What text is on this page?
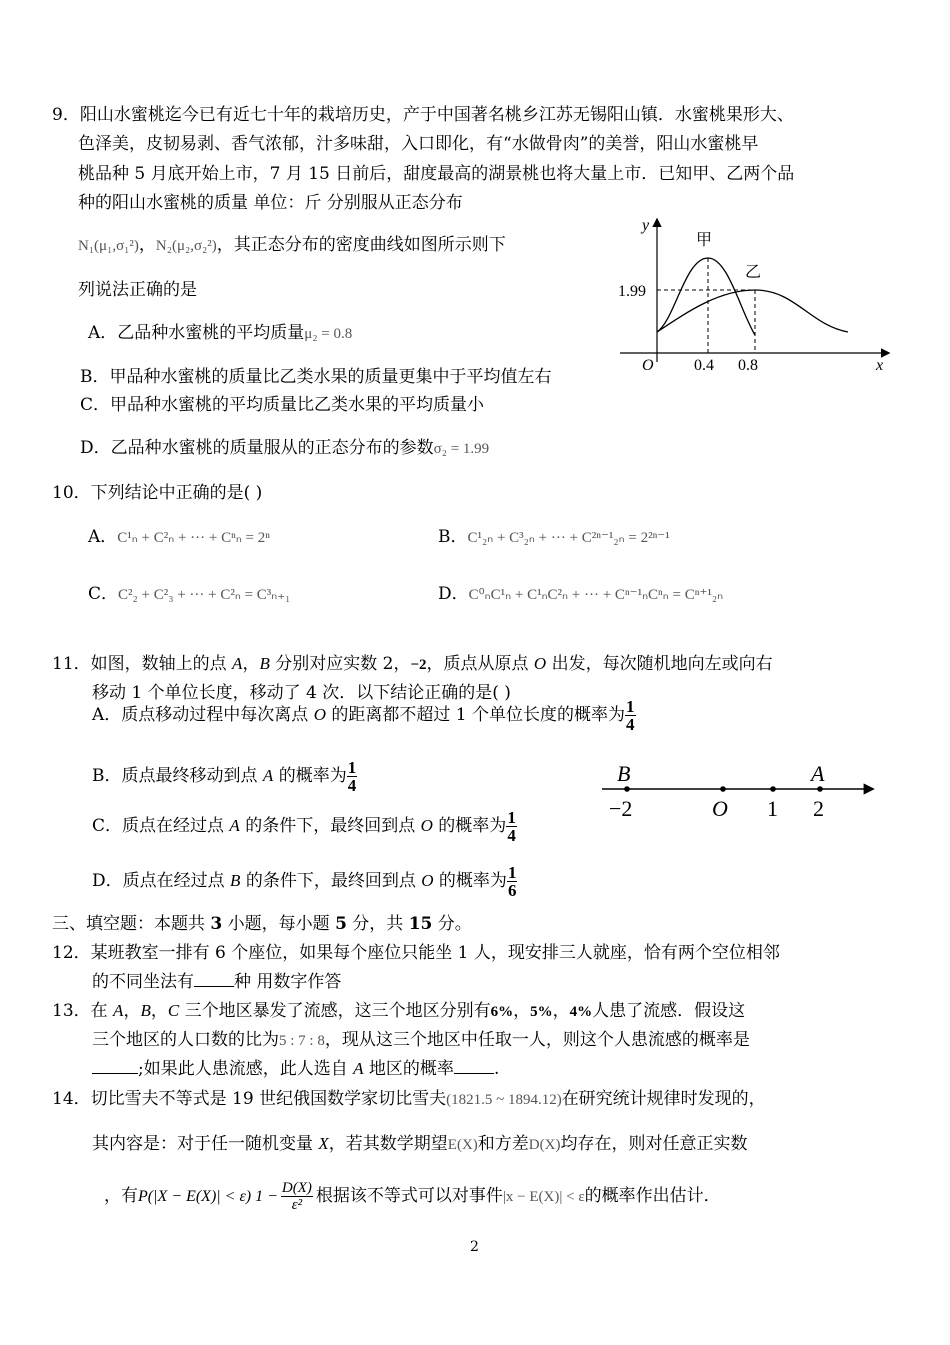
9．阳山水蜜桃迄今已有近七十年的栽培历史，产于中国著名桃乡江苏无锡阳山镇．水蜜桃果形大、
色泽美，皮韧易剥、香气浓郁，汁多味甜，入口即化，有“水做骨肉”的美誉，阳山水蜜桃早
桃品种 5 月底开始上市，7 月 15 日前后，甜度最高的湖景桃也将大量上市．已知甲、乙两个品
种的阳山水蜜桃的质量 单位：斤 分别服从正态分布
N₁(μ₁,σ₁²)，N₂(μ₂,σ₂²)，其正态分布的密度曲线如图所示则下
列说法正确的是
A．乙品种水蜜桃的平均质量μ₂ = 0.8
B．甲品种水蜜桃的质量比乙类水果的质量更集中于平均值左右
C．甲品种水蜜桃的平均质量比乙类水果的平均质量小
D．乙品种水蜜桃的质量服从的正态分布的参数σ₂ = 1.99
y
x
O
甲
乙
1.99
0.4 0.8
10．下列结论中正确的是( )
A．C¹ₙ + C²ₙ + ··· + Cⁿₙ = 2ⁿ	B．C¹₂ₙ + C³₂ₙ + ··· + C²ⁿ⁻¹₂ₙ = 2²ⁿ⁻¹
C．C²₂ + C²₃ + ··· + C²ₙ = C³ₙ₊₁	D．C⁰ₙC¹ₙ + C¹ₙC²ₙ + ··· + Cⁿ⁻¹ₙCⁿₙ = Cⁿ⁺¹₂ₙ
11．如图，数轴上的点 A，B 分别对应实数 2，−2，质点从原点 O 出发，每次随机地向左或向右
移动 1 个单位长度，移动了 4 次．以下结论正确的是( )
A．质点移动过程中每次离点 O 的距离都不超过 1 个单位长度的概率为 $\frac{1}{4}$
B．质点最终移动到点 A 的概率为 $\frac{1}{4}$
C．质点在经过点 A 的条件下，最终回到点 O 的概率为 $\frac{1}{4}$
D．质点在经过点 B 的条件下，最终回到点 O 的概率为 $\frac{1}{6}$
B	A
−2	O 1 2
三、填空题：本题共 3 小题，每小题 5 分，共 15 分。
12．某班教室一排有 6 个座位，如果每个座位只能坐 1 人，现安排三人就座，恰有两个空位相邻
的不同坐法有 种 用数字作答
13．在 A，B，C 三个地区暴发了流感，这三个地区分别有6%，5%，4%人患了流感．假设这
三个地区的人口数的比为5 : 7 : 8，现从这三个地区中任取一人，则这个人患流感的概率是
;如果此人患流感，此人选自 A 地区的概率 .
14．切比雪夫不等式是 19 世纪俄国数学家切比雪夫(1821.5 ~ 1894.12)在研究统计规律时发现的，
其内容是：对于任一随机变量 X，若其数学期望E(X)和方差D(X)均存在，则对任意正实数
，有P(|X − E(X)| < ε) $1 - \frac{D(X)}{\text{ε²}}$ 根据该不等式可以对事件|x − E(X)| < ε的概率作出估计．
2
